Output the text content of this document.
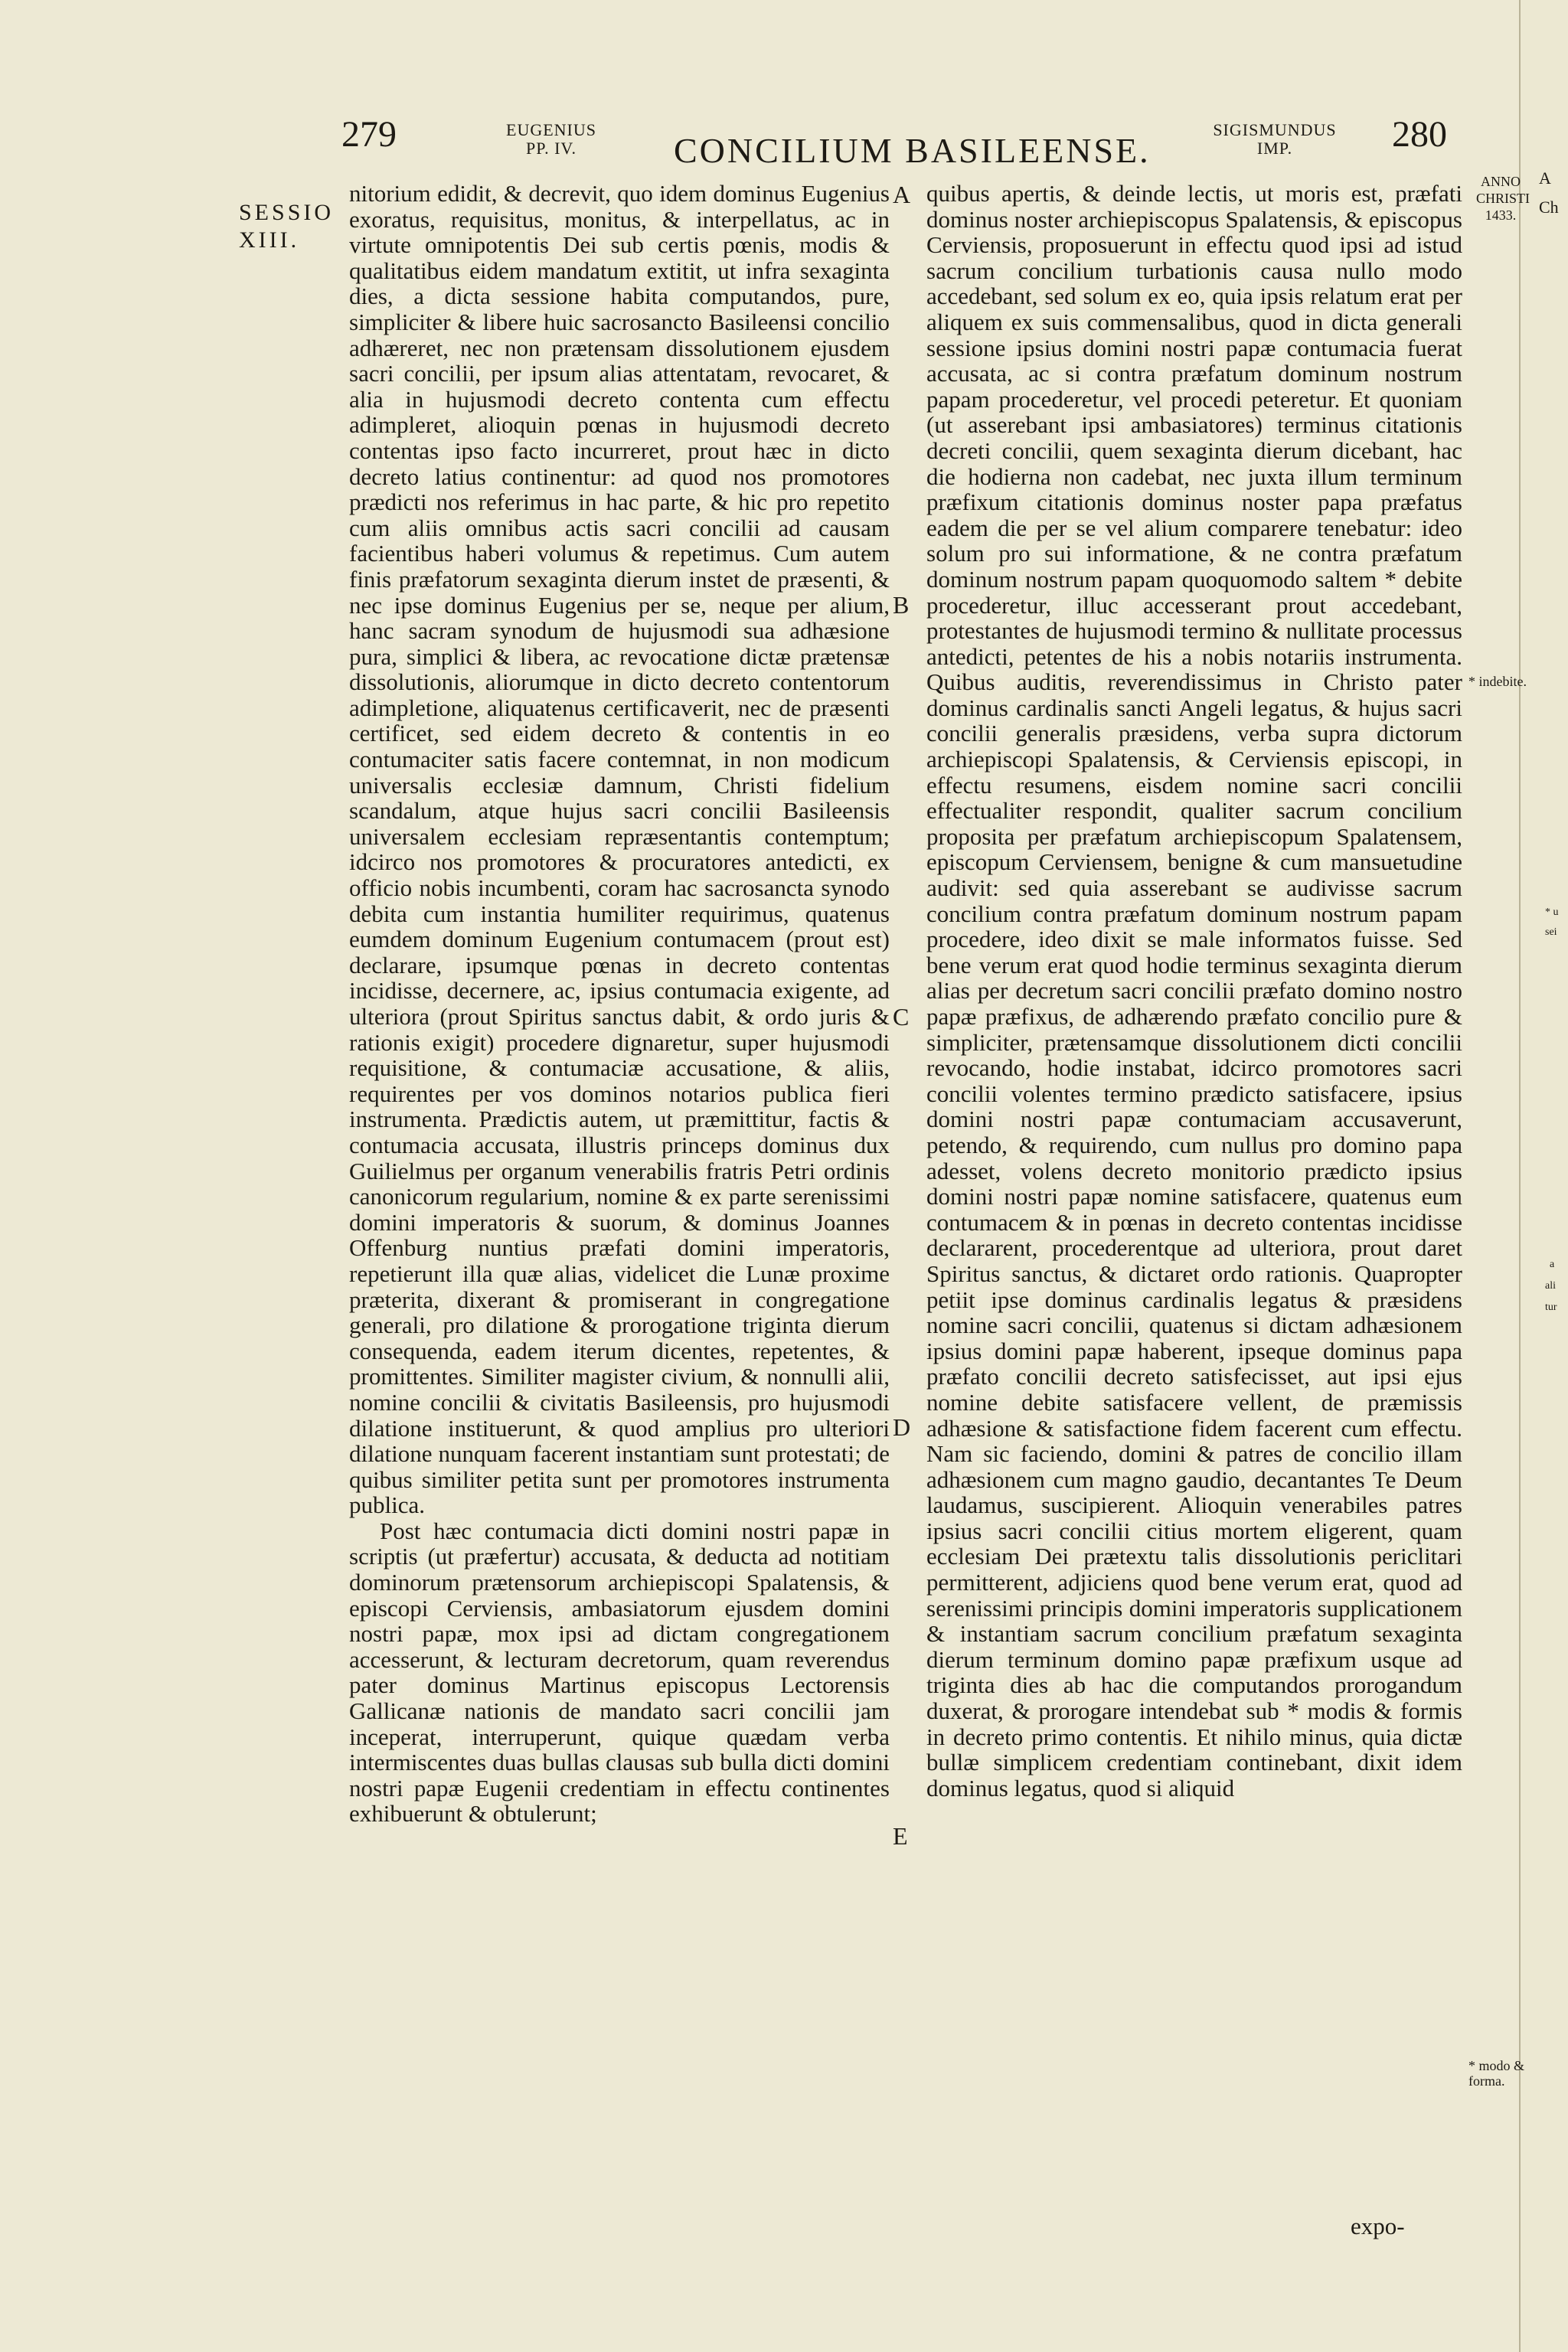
279	EUGENIUS
PP. IV.	CONCILIUM BASILEENSE.
SIGISMUNDUS
IMP.	280
SESSIO
XIII.

nitorium edidit, & decrevit, quo idem dominus Eugenius exoratus, requisitus, monitus, & interpellatus, ac in virtute omnipotentis Dei sub certis pœnis, modis & qualitatibus eidem mandatum extitit, ut infra sexaginta dies, a dicta sessione habita computandos, pure, simpliciter & libere huic sacrosancto Basileensi concilio adhæreret, nec non prætensam dissolutionem ejusdem sacri concilii, per ipsum alias attentatam, revocaret, & alia in hujusmodi decreto contenta cum effectu adimpleret, alioquin pœnas in hujusmodi decreto contentas ipso facto incurreret, prout hæc in dicto decreto latius continentur: ad quod nos promotores prædicti nos referimus in hac parte, & hic pro repetito cum aliis omnibus actis sacri concilii ad causam facientibus haberi volumus & repetimus. Cum autem finis præfatorum sexaginta dierum instet de præsenti, & nec ipse dominus Eugenius per se, neque per alium, hanc sacram synodum de hujusmodi sua adhæsione pura, simplici & libera, ac revocatione dictæ prætensæ dissolutionis, aliorumque in dicto decreto contentorum adimpletione, aliquatenus certificaverit, nec de præsenti certificet, sed eidem decreto & contentis in eo contumaciter satis facere contemnat, in non modicum universalis ecclesiæ damnum, Christi fidelium scandalum, atque hujus sacri concilii Basileensis universalem ecclesiam repræsentantis contemptum; idcirco nos promotores & procuratores antedicti, ex officio nobis incumbenti, coram hac sacrosancta synodo debita cum instantia humiliter requirimus, quatenus eumdem dominum Eugenium contumacem (prout est) declarare, ipsumque pœnas in decreto contentas incidisse, decernere, ac, ipsius contumacia exigente, ad ulteriora (prout Spiritus sanctus dabit, & ordo juris & rationis exigit) procedere dignaretur, super hujusmodi requisitione, & contumaciæ accusatione, & aliis, requirentes per vos dominos notarios publica fieri instrumenta. Prædictis autem, ut præmittitur, factis & contumacia accusata, illustris princeps dominus dux Guilielmus per organum venerabilis fratris Petri ordinis canonicorum regularium, nomine & ex parte serenissimi domini imperatoris & suorum, & dominus Joannes Offenburg nuntius præfati domini imperatoris, repetierunt illa quæ alias, videlicet die Lunæ proxime præterita, dixerant & promiserant in congregatione generali, pro dilatione & prorogatione triginta dierum consequenda, eadem iterum dicentes, repetentes, & promittentes. Similiter magister civium, & nonnulli alii, nomine concilii & civitatis Basileensis, pro hujusmodi dilatione instituerunt, & quod amplius pro ulteriori dilatione nunquam facerent instantiam sunt protestati; de quibus similiter petita sunt per promotores instrumenta publica.

Post hæc contumacia dicti domini nostri papæ in scriptis (ut præfertur) accusata, & deducta ad notitiam dominorum prætensorum archiepiscopi Spalatensis, & episcopi Cerviensis, ambasiatorum ejusdem domini nostri papæ, mox ipsi ad dictam congregationem accesserunt, & lecturam decretorum, quam reverendus pater dominus Martinus episcopus Lectorensis Gallicanæ nationis de mandato sacri concilii jam inceperat, interruperunt, quique quædam verba intermiscentes duas bullas clausas sub bulla dicti domini nostri papæ Eugenii credentiam in effectu continentes exhibuerunt & obtulerunt;

A
B
C
D
E

quibus apertis, & deinde lectis, ut moris est, præfati dominus noster archiepiscopus Spalatensis, & episcopus Cerviensis, proposuerunt in effectu quod ipsi ad istud sacrum concilium turbationis causa nullo modo accedebant, sed solum ex eo, quia ipsis relatum erat per aliquem ex suis commensalibus, quod in dicta generali sessione ipsius domini nostri papæ contumacia fuerat accusata, ac si contra præfatum dominum nostrum papam procederetur, vel procedi peteretur. Et quoniam (ut asserebant ipsi ambasiatores) terminus citationis decreti concilii, quem sexaginta dierum dicebant, hac die hodierna non cadebat, nec juxta illum terminum præfixum citationis dominus noster papa præfatus eadem die per se vel alium comparere tenebatur: ideo solum pro sui informatione, & ne contra præfatum dominum nostrum papam quoquomodo saltem * debite procederetur, illuc accesserant prout accedebant, protestantes de hujusmodi termino & nullitate processus antedicti, petentes de his a nobis notariis instrumenta. Quibus auditis, reverendissimus in Christo pater dominus cardinalis sancti Angeli legatus, & hujus sacri concilii generalis præsidens, verba supra dictorum archiepiscopi Spalatensis, & Cerviensis episcopi, in effectu resumens, eisdem nomine sacri concilii effectualiter respondit, qualiter sacrum concilium proposita per præfatum archiepiscopum Spalatensem, episcopum Cerviensem, benigne & cum mansuetudine audivit: sed quia asserebant se audivisse sacrum concilium contra præfatum dominum nostrum papam procedere, ideo dixit se male informatos fuisse. Sed bene verum erat quod hodie terminus sexaginta dierum alias per decretum sacri concilii præfato domino nostro papæ præfixus, de adhærendo præfato concilio pure & simpliciter, prætensamque dissolutionem dicti concilii revocando, hodie instabat, idcirco promotores sacri concilii volentes termino prædicto satisfacere, ipsius domini nostri papæ contumaciam accusaverunt, petendo, & requirendo, cum nullus pro domino papa adesset, volens decreto monitorio prædicto ipsius domini nostri papæ nomine satisfacere, quatenus eum contumacem & in pœnas in decreto contentas incidisse declararent, procederentque ad ulteriora, prout daret Spiritus sanctus, & dictaret ordo rationis. Quapropter petiit ipse dominus cardinalis legatus & præsidens nomine sacri concilii, quatenus si dictam adhæsionem ipsius domini papæ haberent, ipseque dominus papa præfato concilii decreto satisfecisset, aut ipsi ejus nomine debite satisfacere vellent, de præmissis adhæsione & satisfactione fidem facerent cum effectu. Nam sic faciendo, domini & patres de concilio illam adhæsionem cum magno gaudio, decantantes Te Deum laudamus, suscipierent. Alioquin venerabiles patres ipsius sacri concilii citius mortem eligerent, quam ecclesiam Dei prætextu talis dissolutionis periclitari permitterent, adjiciens quod bene verum erat, quod ad serenissimi principis domini imperatoris supplicationem & instantiam sacrum concilium præfatum sexaginta dierum terminum domino papæ præfixum usque ad triginta dies ab hac die computandos prorogandum duxerat, & prorogare intendebat sub * modis & formis in decreto primo contentis. Et nihilo minus, quia dictæ bullæ simplicem credentiam continebant, dixit idem dominus legatus, quod si aliquid

expo-
ANNO
CHRISTI
1433.
* indebite.
* modo &
forma.
A
Ch
* u
sei
a
ali
tur
